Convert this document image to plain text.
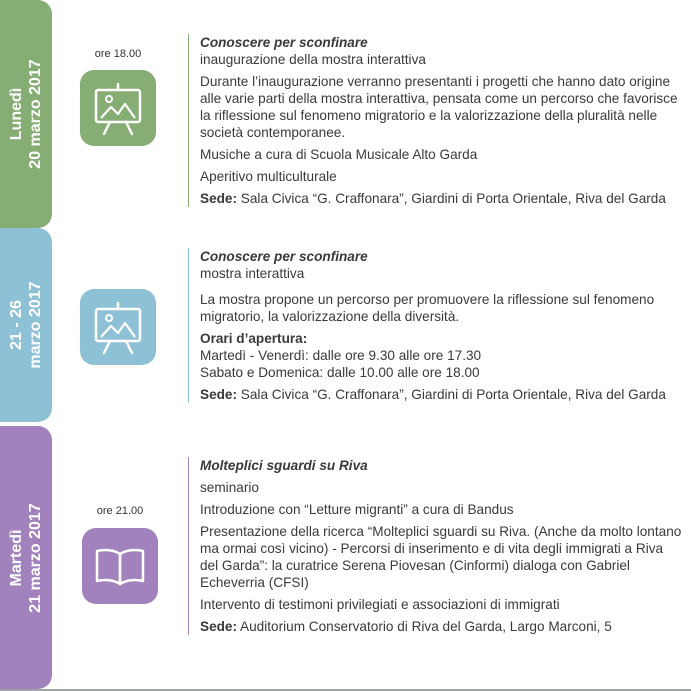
Lunedì 20 marzo 2017
ore 18.00

Conoscere per sconfinare

inaugurazione della mostra interattiva

Durante l’inaugurazione verranno presentanti i progetti che hanno dato origine alle varie parti della mostra interattiva, pensata come un percorso che favorisce la riflessione sul fenomeno migratorio e la valorizzazione della pluralità nelle società contemporanee.

Musiche a cura di Scuola Musicale Alto Garda

Aperitivo multiculturale

Sede: Sala Civica “G. Craffonara”, Giardini di Porta Orientale, Riva del Garda

21 - 26 marzo 2017

Conoscere per sconfinare

mostra interattiva

La mostra propone un percorso per promuovere la riflessione sul fenomeno migratorio, la valorizzazione della diversità.

Orari d’apertura:

Martedì - Venerdì: dalle ore 9.30 alle ore 17.30

Sabato e Domenica: dalle 10.00 alle ore 18.00

Sede: Sala Civica “G. Craffonara”, Giardini di Porta Orientale, Riva del Garda

Martedì 21 marzo 2017	ore 21.00

Molteplici sguardi su Riva

seminario

Introduzione con “Letture migranti” a cura di Bandus

Presentazione della ricerca “Molteplici sguardi su Riva. (Anche da molto lontano ma ormai così vicino) - Percorsi di inserimento e di vita degli immigrati a Riva del Garda”: la curatrice Serena Piovesan (Cinformi) dialoga con Gabriel Echeverria (CFSI)

Intervento di testimoni privilegiati e associazioni di immigrati

Sede: Auditorium Conservatorio di Riva del Garda, Largo Marconi, 5
